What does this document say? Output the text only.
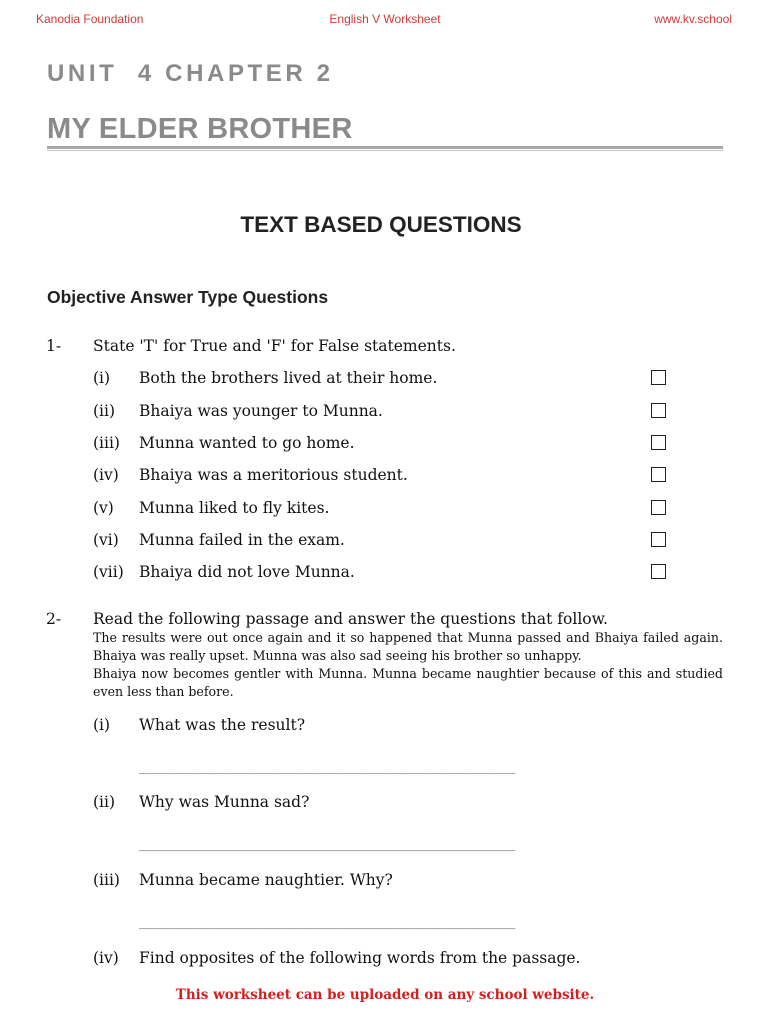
Kanodia Foundation	English V Worksheet	www.kv.school
UNIT  4 CHAPTER 2
MY ELDER BROTHER
TEXT BASED QUESTIONS
Objective Answer Type Questions
1- State 'T' for True and 'F' for False statements.
(i) Both the brothers lived at their home.
(ii) Bhaiya was younger to Munna.
(iii) Munna wanted to go home.
(iv) Bhaiya was a meritorious student.
(v) Munna liked to fly kites.
(vi) Munna failed in the exam.
(vii) Bhaiya did not love Munna.
2- Read the following passage and answer the questions that follow.
The results were out once again and it so happened that Munna passed and Bhaiya failed again. Bhaiya was really upset. Munna was also sad seeing his brother so unhappy.
Bhaiya now becomes gentler with Munna. Munna became naughtier because of this and studied even less than before.
(i) What was the result?
_________________________________________________
(ii) Why was Munna sad?
_________________________________________________
(iii) Munna became naughtier. Why?
_________________________________________________
(iv) Find opposites of the following words from the passage.
This worksheet can be uploaded on any school website.
